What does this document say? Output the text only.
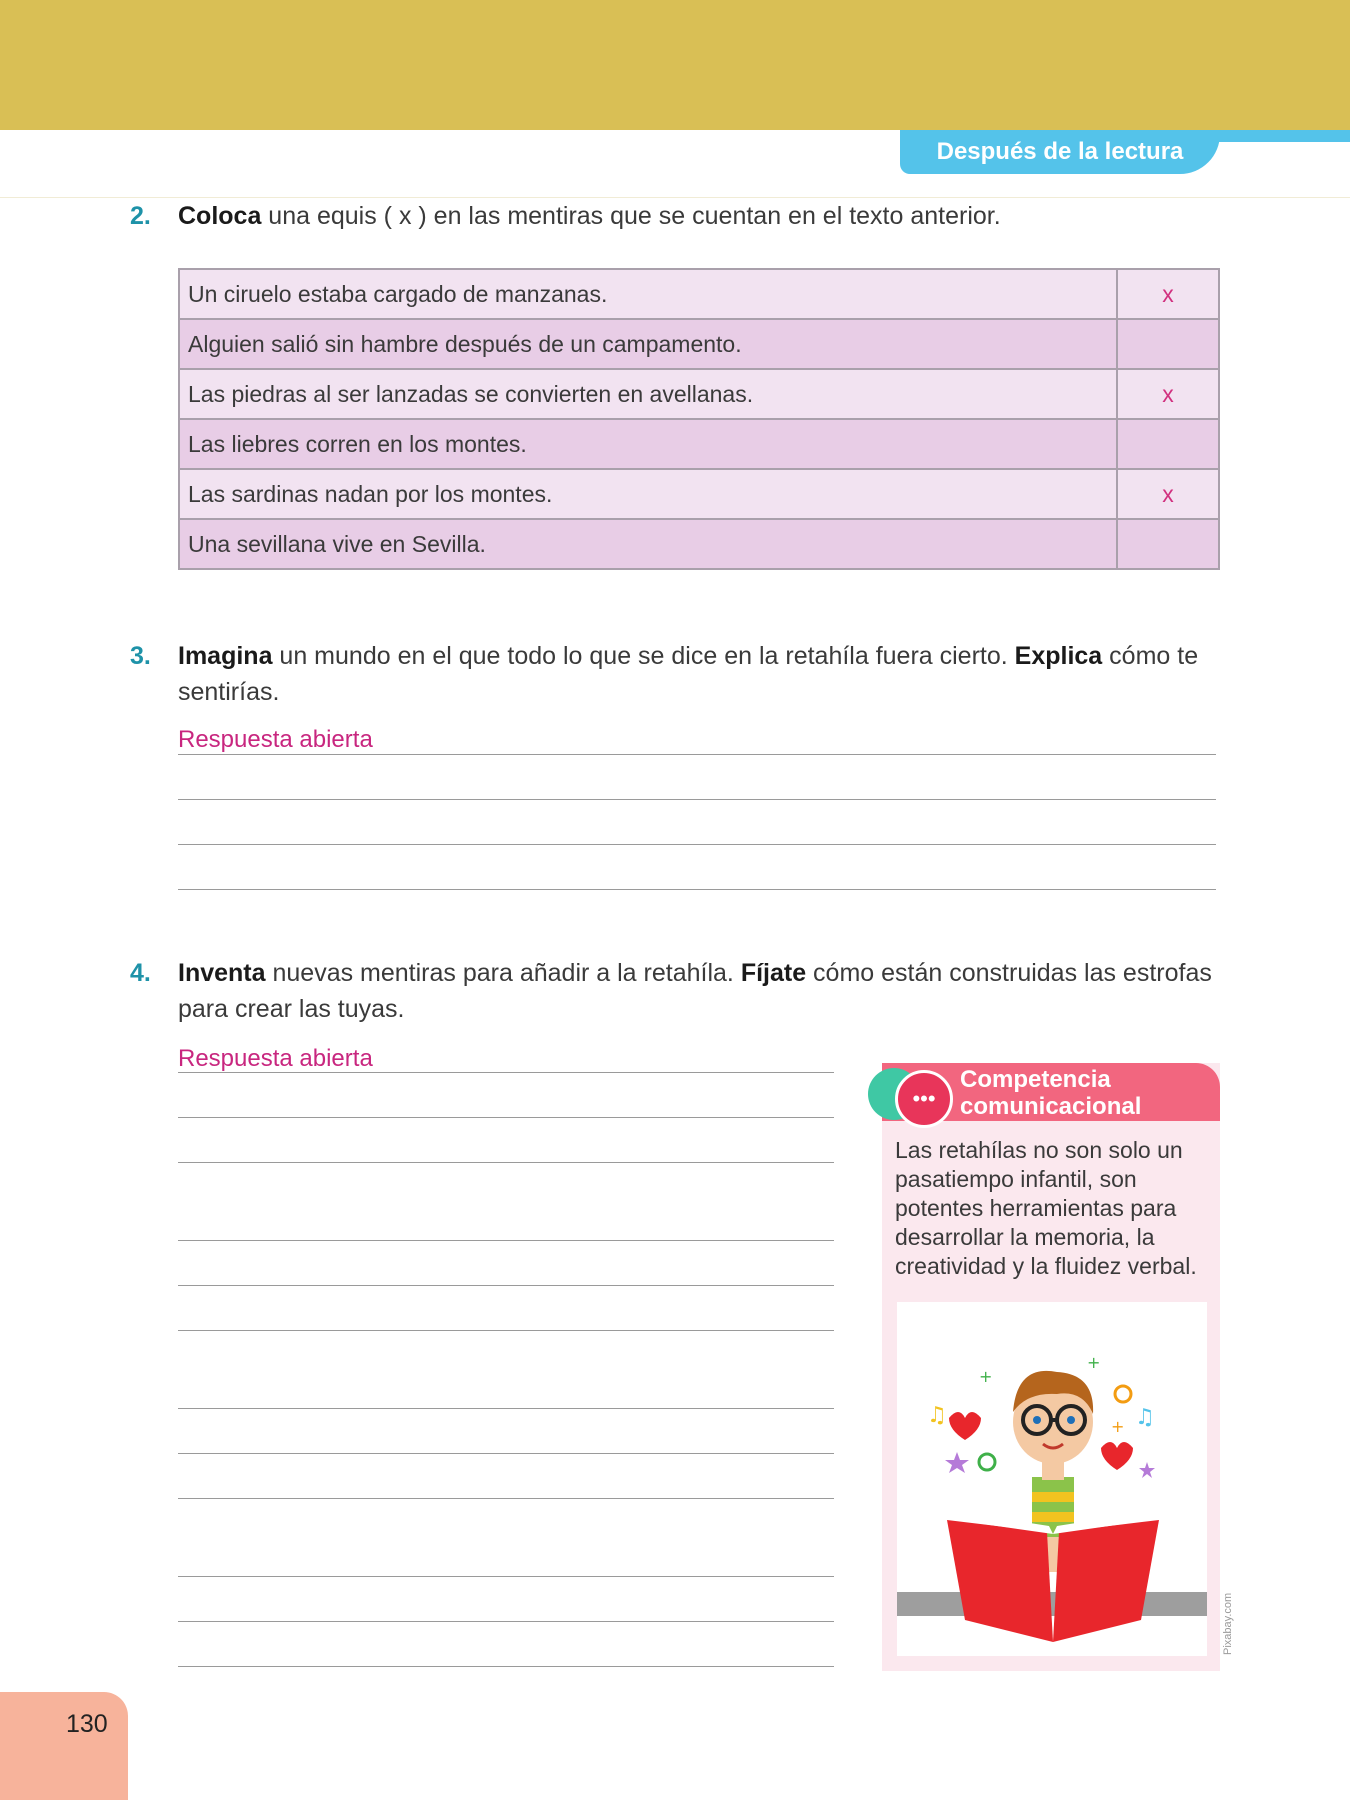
Después de la lectura
2. Coloca una equis ( x ) en las mentiras que se cuentan en el texto anterior.
Un ciruelo estaba cargado de manzanas.	x
Alguien salió sin hambre después de un campamento.	
Las piedras al ser lanzadas se convierten en avellanas.	x
Las liebres corren en los montes.	
Las sardinas nadan por los montes.	x
Una sevillana vive en Sevilla.	
3. Imagina un mundo en el que todo lo que se dice en la retahíla fuera cierto. Explica cómo te sentirías.
Respuesta abierta
4. Inventa nuevas mentiras para añadir a la retahíla. Fíjate cómo están construidas las estrofas para crear las tuyas.
Respuesta abierta
•••
Competencia comunicacional
Las retahílas no son solo un pasatiempo infantil, son potentes herramientas para desarrollar la memoria, la creatividad y la fluidez verbal.
♫	♫
+
+
+
Pixabay.com
130
